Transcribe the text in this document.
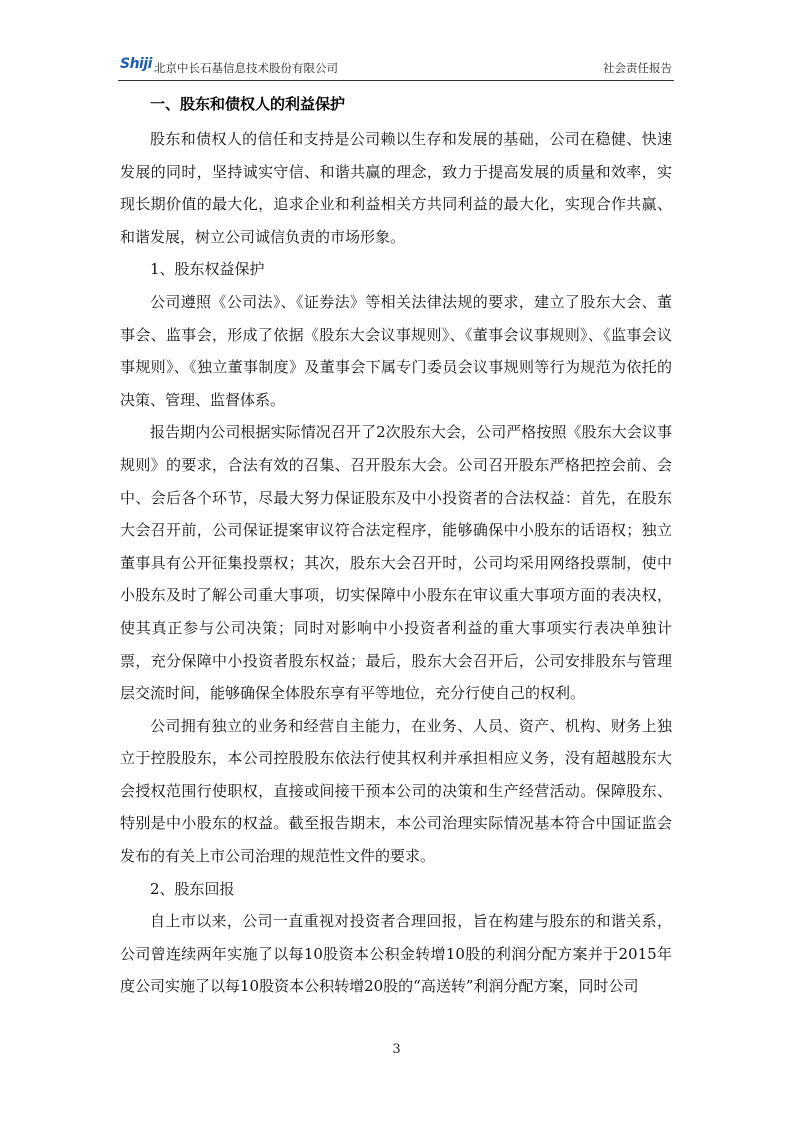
Shiji 北京中长石基信息技术股份有限公司	社会责任报告
一、股东和债权人的利益保护

股东和债权人的信任和支持是公司赖以生存和发展的基础，公司在稳健、快速发展的同时，坚持诚实守信、和谐共赢的理念，致力于提高发展的质量和效率，实现长期价值的最大化，追求企业和利益相关方共同利益的最大化，实现合作共赢、和谐发展，树立公司诚信负责的市场形象。

1、股东权益保护

公司遵照《公司法》、《证券法》等相关法律法规的要求，建立了股东大会、董事会、监事会，形成了依据《股东大会议事规则》、《董事会议事规则》、《监事会议事规则》、《独立董事制度》及董事会下属专门委员会议事规则等行为规范为依托的决策、管理、监督体系。

报告期内公司根据实际情况召开了2次股东大会，公司严格按照《股东大会议事规则》的要求，合法有效的召集、召开股东大会。公司召开股东严格把控会前、会中、会后各个环节，尽最大努力保证股东及中小投资者的合法权益：首先，在股东大会召开前，公司保证提案审议符合法定程序，能够确保中小股东的话语权；独立董事具有公开征集投票权；其次，股东大会召开时，公司均采用网络投票制，使中小股东及时了解公司重大事项，切实保障中小股东在审议重大事项方面的表决权，使其真正参与公司决策；同时对影响中小投资者利益的重大事项实行表决单独计票，充分保障中小投资者股东权益；最后，股东大会召开后，公司安排股东与管理层交流时间，能够确保全体股东享有平等地位，充分行使自己的权利。

公司拥有独立的业务和经营自主能力，在业务、人员、资产、机构、财务上独立于控股股东，本公司控股股东依法行使其权利并承担相应义务，没有超越股东大会授权范围行使职权，直接或间接干预本公司的决策和生产经营活动。保障股东、特别是中小股东的权益。截至报告期末，本公司治理实际情况基本符合中国证监会发布的有关上市公司治理的规范性文件的要求。

2、股东回报

自上市以来，公司一直重视对投资者合理回报，旨在构建与股东的和谐关系，公司曾连续两年实施了以每10股资本公积金转增10股的利润分配方案并于2015年度公司实施了以每10股资本公积转增20股的“高送转”利润分配方案，同时公司

3
